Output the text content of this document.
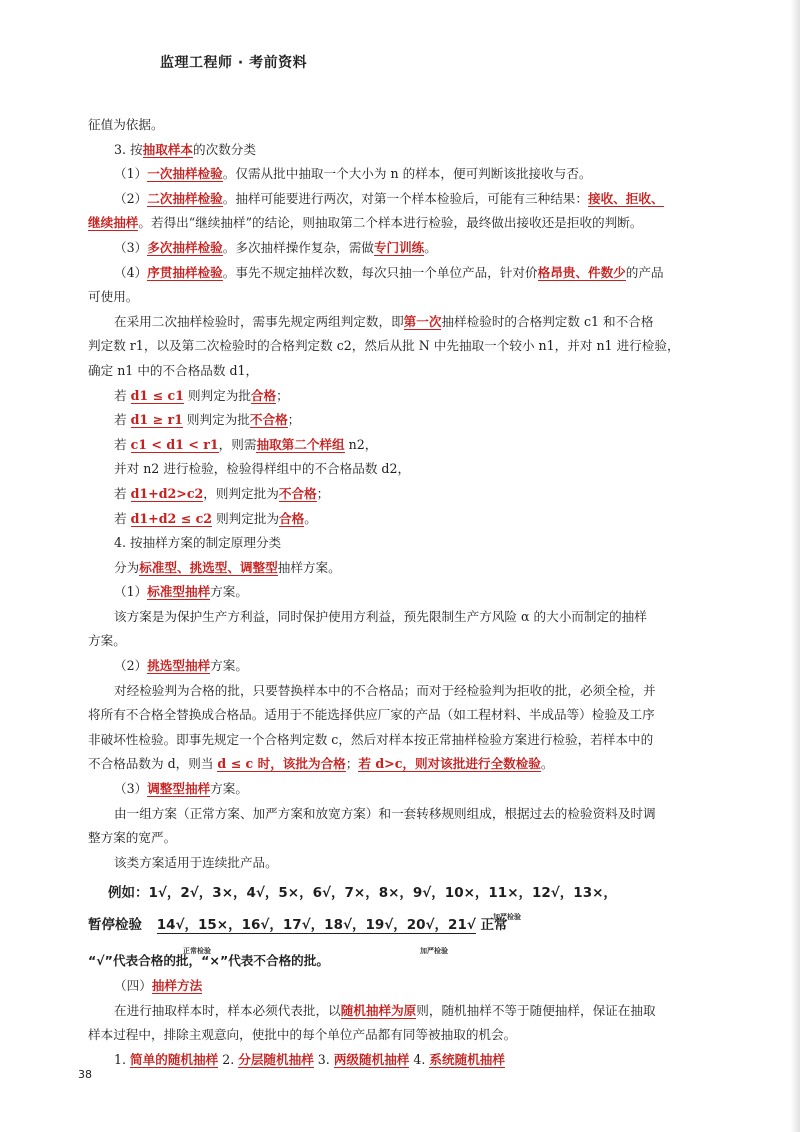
监理工程师 · 考前资料

征值为依据。

3. 按抽取样本的次数分类

（1）一次抽样检验。仅需从批中抽取一个大小为 n 的样本，便可判断该批接收与否。

（2）二次抽样检验。抽样可能要进行两次，对第一个样本检验后，可能有三种结果：接收、拒收、

继续抽样。若得出“继续抽样”的结论，则抽取第二个样本进行检验，最终做出接收还是拒收的判断。

（3）多次抽样检验。多次抽样操作复杂，需做专门训练。

（4）序贯抽样检验。事先不规定抽样次数，每次只抽一个单位产品，针对价格昂贵、件数少的产品

可使用。

在采用二次抽样检验时，需事先规定两组判定数，即第一次抽样检验时的合格判定数 c1 和不合格

判定数 r1，以及第二次检验时的合格判定数 c2，然后从批 N 中先抽取一个较小 n1，并对 n1 进行检验，

确定 n1 中的不合格品数 d1，

若 d1 ≤ c1 则判定为批合格；

若 d1 ≥ r1 则判定为批不合格；

若 c1 < d1 < r1，则需抽取第二个样组 n2，

并对 n2 进行检验，检验得样组中的不合格品数 d2，

若 d1+d2>c2，则判定批为不合格；

若 d1+d2 ≤ c2 则判定批为合格。

4. 按抽样方案的制定原理分类

分为标准型、挑选型、调整型抽样方案。

（1）标准型抽样方案。

该方案是为保护生产方利益，同时保护使用方利益，预先限制生产方风险 α 的大小而制定的抽样

方案。

（2）挑选型抽样方案。

对经检验判为合格的批，只要替换样本中的不合格品；而对于经检验判为拒收的批，必须全检，并

将所有不合格全替换成合格品。适用于不能选择供应厂家的产品（如工程材料、半成品等）检验及工序

非破坏性检验。即事先规定一个合格判定数 c，然后对样本按正常抽样检验方案进行检验，若样本中的

不合格品数为 d，则当 d ≤ c 时，该批为合格；若 d>c，则对该批进行全数检验。

（3）调整型抽样方案。

由一组方案（正常方案、加严方案和放宽方案）和一套转移规则组成，根据过去的检验资料及时调

整方案的宽严。

该类方案适用于连续批产品。

例如：1√，2√，3×，4√，5×，6√，7×，8×，9√，10×，11×，12√，13×，
加严检验
暂停检验 14√，15×，16√，17√，18√，19√，20√，21√ 正常
正常检验	加严检验

“√”代表合格的批，“×”代表不合格的批。

（四）抽样方法

在进行抽取样本时，样本必须代表批，以随机抽样为原则，随机抽样不等于随便抽样，保证在抽取

样本过程中，排除主观意向，使批中的每个单位产品都有同等被抽取的机会。

1. 简单的随机抽样 2. 分层随机抽样 3. 两级随机抽样 4. 系统随机抽样

38
